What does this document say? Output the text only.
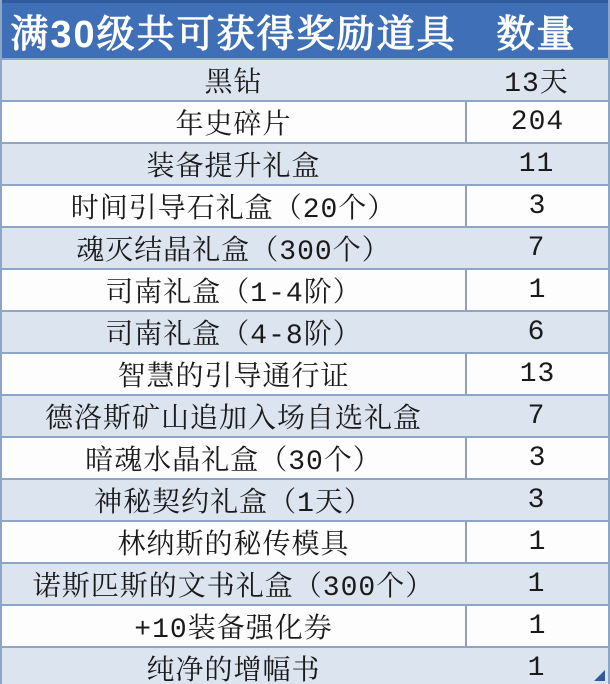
满30级共可获得奖励道具	数量
黑钻	13天
年史碎片	204
装备提升礼盒	11
时间引导石礼盒（20个）	3
魂灭结晶礼盒（300个）	7
司南礼盒（1-4阶）	1
司南礼盒（4-8阶）	6
智慧的引导通行证	13
德洛斯矿山追加入场自选礼盒	7
暗魂水晶礼盒（30个）	3
神秘契约礼盒（1天）	3
林纳斯的秘传模具	1
诺斯匹斯的文书礼盒（300个）	1
+10装备强化券	1
纯净的增幅书	1
